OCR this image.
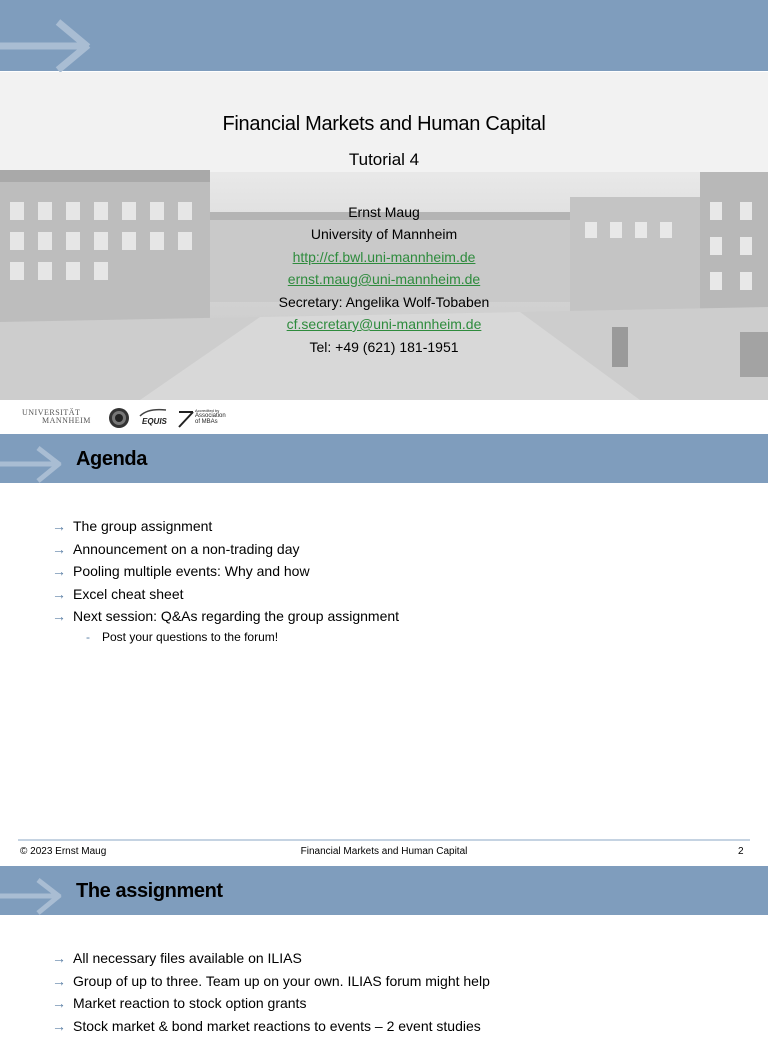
Financial Markets and Human Capital
Tutorial 4
Ernst Maug
University of Mannheim
http://cf.bwl.uni-mannheim.de
ernst.maug@uni-mannheim.de
Secretary: Angelika Wolf-Tobaben
cf.secretary@uni-mannheim.de
Tel: +49 (621) 181-1951
UNIVERSITÄT
MANNHEIM	EQUIS
Accredited by
Association
of MBAs
Agenda
→ The group assignment
→ Announcement on a non-trading day
→ Pooling multiple events: Why and how
→ Excel cheat sheet
→ Next session: Q&As regarding the group assignment
- Post your questions to the forum!
© 2023 Ernst Maug	Financial Markets and Human Capital	2
The assignment
→ All necessary files available on ILIAS
→ Group of up to three. Team up on your own. ILIAS forum might help
→ Market reaction to stock option grants
→ Stock market & bond market reactions to events – 2 event studies
